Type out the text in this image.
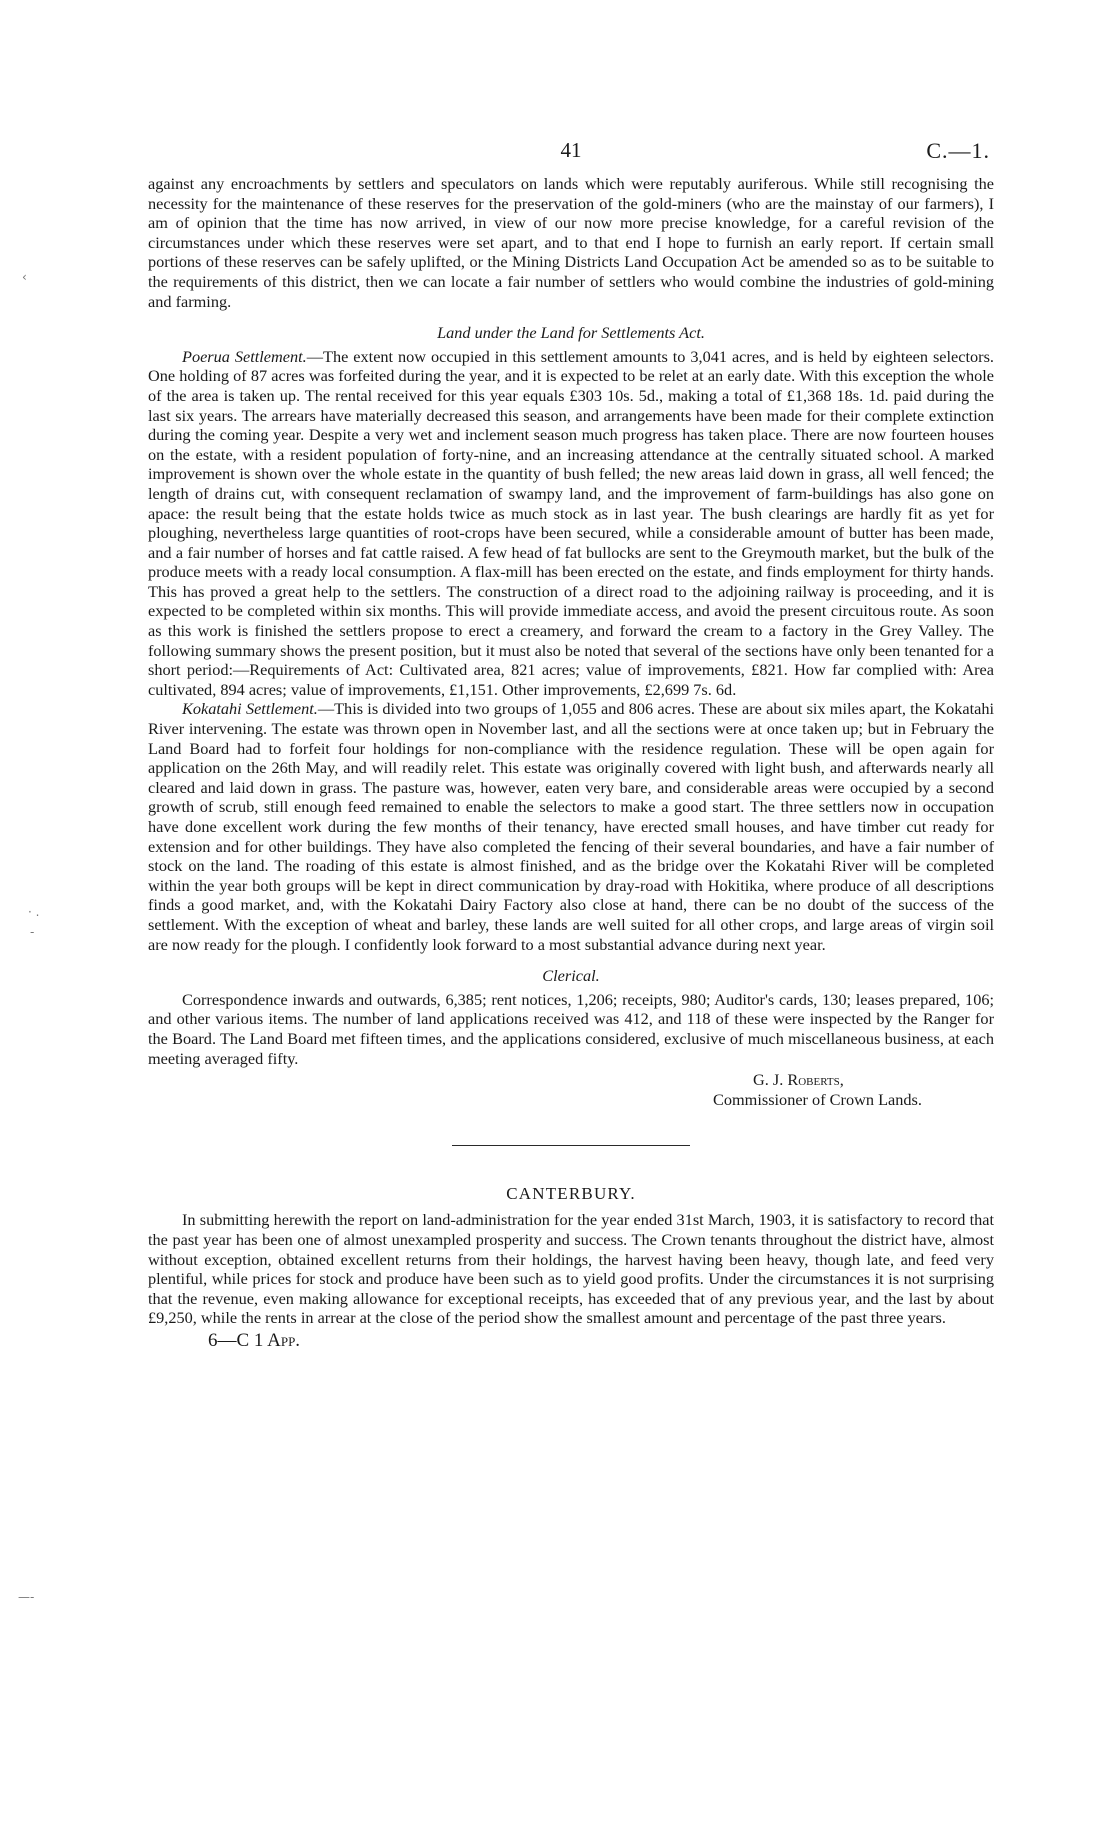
‹
· .
-
—-
41	C.—1.

against any encroachments by settlers and speculators on lands which were reputably auriferous. While still recognising the necessity for the maintenance of these reserves for the preservation of the gold-miners (who are the mainstay of our farmers), I am of opinion that the time has now arrived, in view of our now more precise knowledge, for a careful revision of the circumstances under which these reserves were set apart, and to that end I hope to furnish an early report. If certain small portions of these reserves can be safely uplifted, or the Mining Districts Land Occupation Act be amended so as to be suitable to the requirements of this district, then we can locate a fair number of settlers who would combine the industries of gold-mining and farming.

Land under the Land for Settlements Act.

Poerua Settlement.—The extent now occupied in this settlement amounts to 3,041 acres, and is held by eighteen selectors. One holding of 87 acres was forfeited during the year, and it is expected to be relet at an early date. With this exception the whole of the area is taken up. The rental received for this year equals £303 10s. 5d., making a total of £1,368 18s. 1d. paid during the last six years. The arrears have materially decreased this season, and arrangements have been made for their complete extinction during the coming year. Despite a very wet and inclement season much progress has taken place. There are now fourteen houses on the estate, with a resident population of forty-nine, and an increasing attendance at the centrally situated school. A marked improvement is shown over the whole estate in the quantity of bush felled; the new areas laid down in grass, all well fenced; the length of drains cut, with consequent reclamation of swampy land, and the improvement of farm-buildings has also gone on apace: the result being that the estate holds twice as much stock as in last year. The bush clearings are hardly fit as yet for ploughing, nevertheless large quantities of root-crops have been secured, while a considerable amount of butter has been made, and a fair number of horses and fat cattle raised. A few head of fat bullocks are sent to the Greymouth market, but the bulk of the produce meets with a ready local consumption. A flax-mill has been erected on the estate, and finds employment for thirty hands. This has proved a great help to the settlers. The construction of a direct road to the adjoining railway is proceeding, and it is expected to be completed within six months. This will provide immediate access, and avoid the present circuitous route. As soon as this work is finished the settlers propose to erect a creamery, and forward the cream to a factory in the Grey Valley. The following summary shows the present position, but it must also be noted that several of the sections have only been tenanted for a short period:—Requirements of Act: Cultivated area, 821 acres; value of improvements, £821. How far complied with: Area cultivated, 894 acres; value of improvements, £1,151. Other improvements, £2,699 7s. 6d.

Kokatahi Settlement.—This is divided into two groups of 1,055 and 806 acres. These are about six miles apart, the Kokatahi River intervening. The estate was thrown open in November last, and all the sections were at once taken up; but in February the Land Board had to forfeit four holdings for non-compliance with the residence regulation. These will be open again for application on the 26th May, and will readily relet. This estate was originally covered with light bush, and afterwards nearly all cleared and laid down in grass. The pasture was, however, eaten very bare, and considerable areas were occupied by a second growth of scrub, still enough feed remained to enable the selectors to make a good start. The three settlers now in occupation have done excellent work during the few months of their tenancy, have erected small houses, and have timber cut ready for extension and for other buildings. They have also completed the fencing of their several boundaries, and have a fair number of stock on the land. The roading of this estate is almost finished, and as the bridge over the Kokatahi River will be completed within the year both groups will be kept in direct communication by dray-road with Hokitika, where produce of all descriptions finds a good market, and, with the Kokatahi Dairy Factory also close at hand, there can be no doubt of the success of the settlement. With the exception of wheat and barley, these lands are well suited for all other crops, and large areas of virgin soil are now ready for the plough. I confidently look forward to a most substantial advance during next year.

Clerical.

Correspondence inwards and outwards, 6,385; rent notices, 1,206; receipts, 980; Auditor's cards, 130; leases prepared, 106; and other various items. The number of land applications received was 412, and 118 of these were inspected by the Ranger for the Board. The Land Board met fifteen times, and the applications considered, exclusive of much miscellaneous business, at each meeting averaged fifty.

G. J. Roberts,
Commissioner of Crown Lands.
CANTERBURY.

In submitting herewith the report on land-administration for the year ended 31st March, 1903, it is satisfactory to record that the past year has been one of almost unexampled prosperity and success. The Crown tenants throughout the district have, almost without exception, obtained excellent returns from their holdings, the harvest having been heavy, though late, and feed very plentiful, while prices for stock and produce have been such as to yield good profits. Under the circumstances it is not surprising that the revenue, even making allowance for exceptional receipts, has exceeded that of any previous year, and the last by about £9,250, while the rents in arrear at the close of the period show the smallest amount and percentage of the past three years.

6—C 1 App.
